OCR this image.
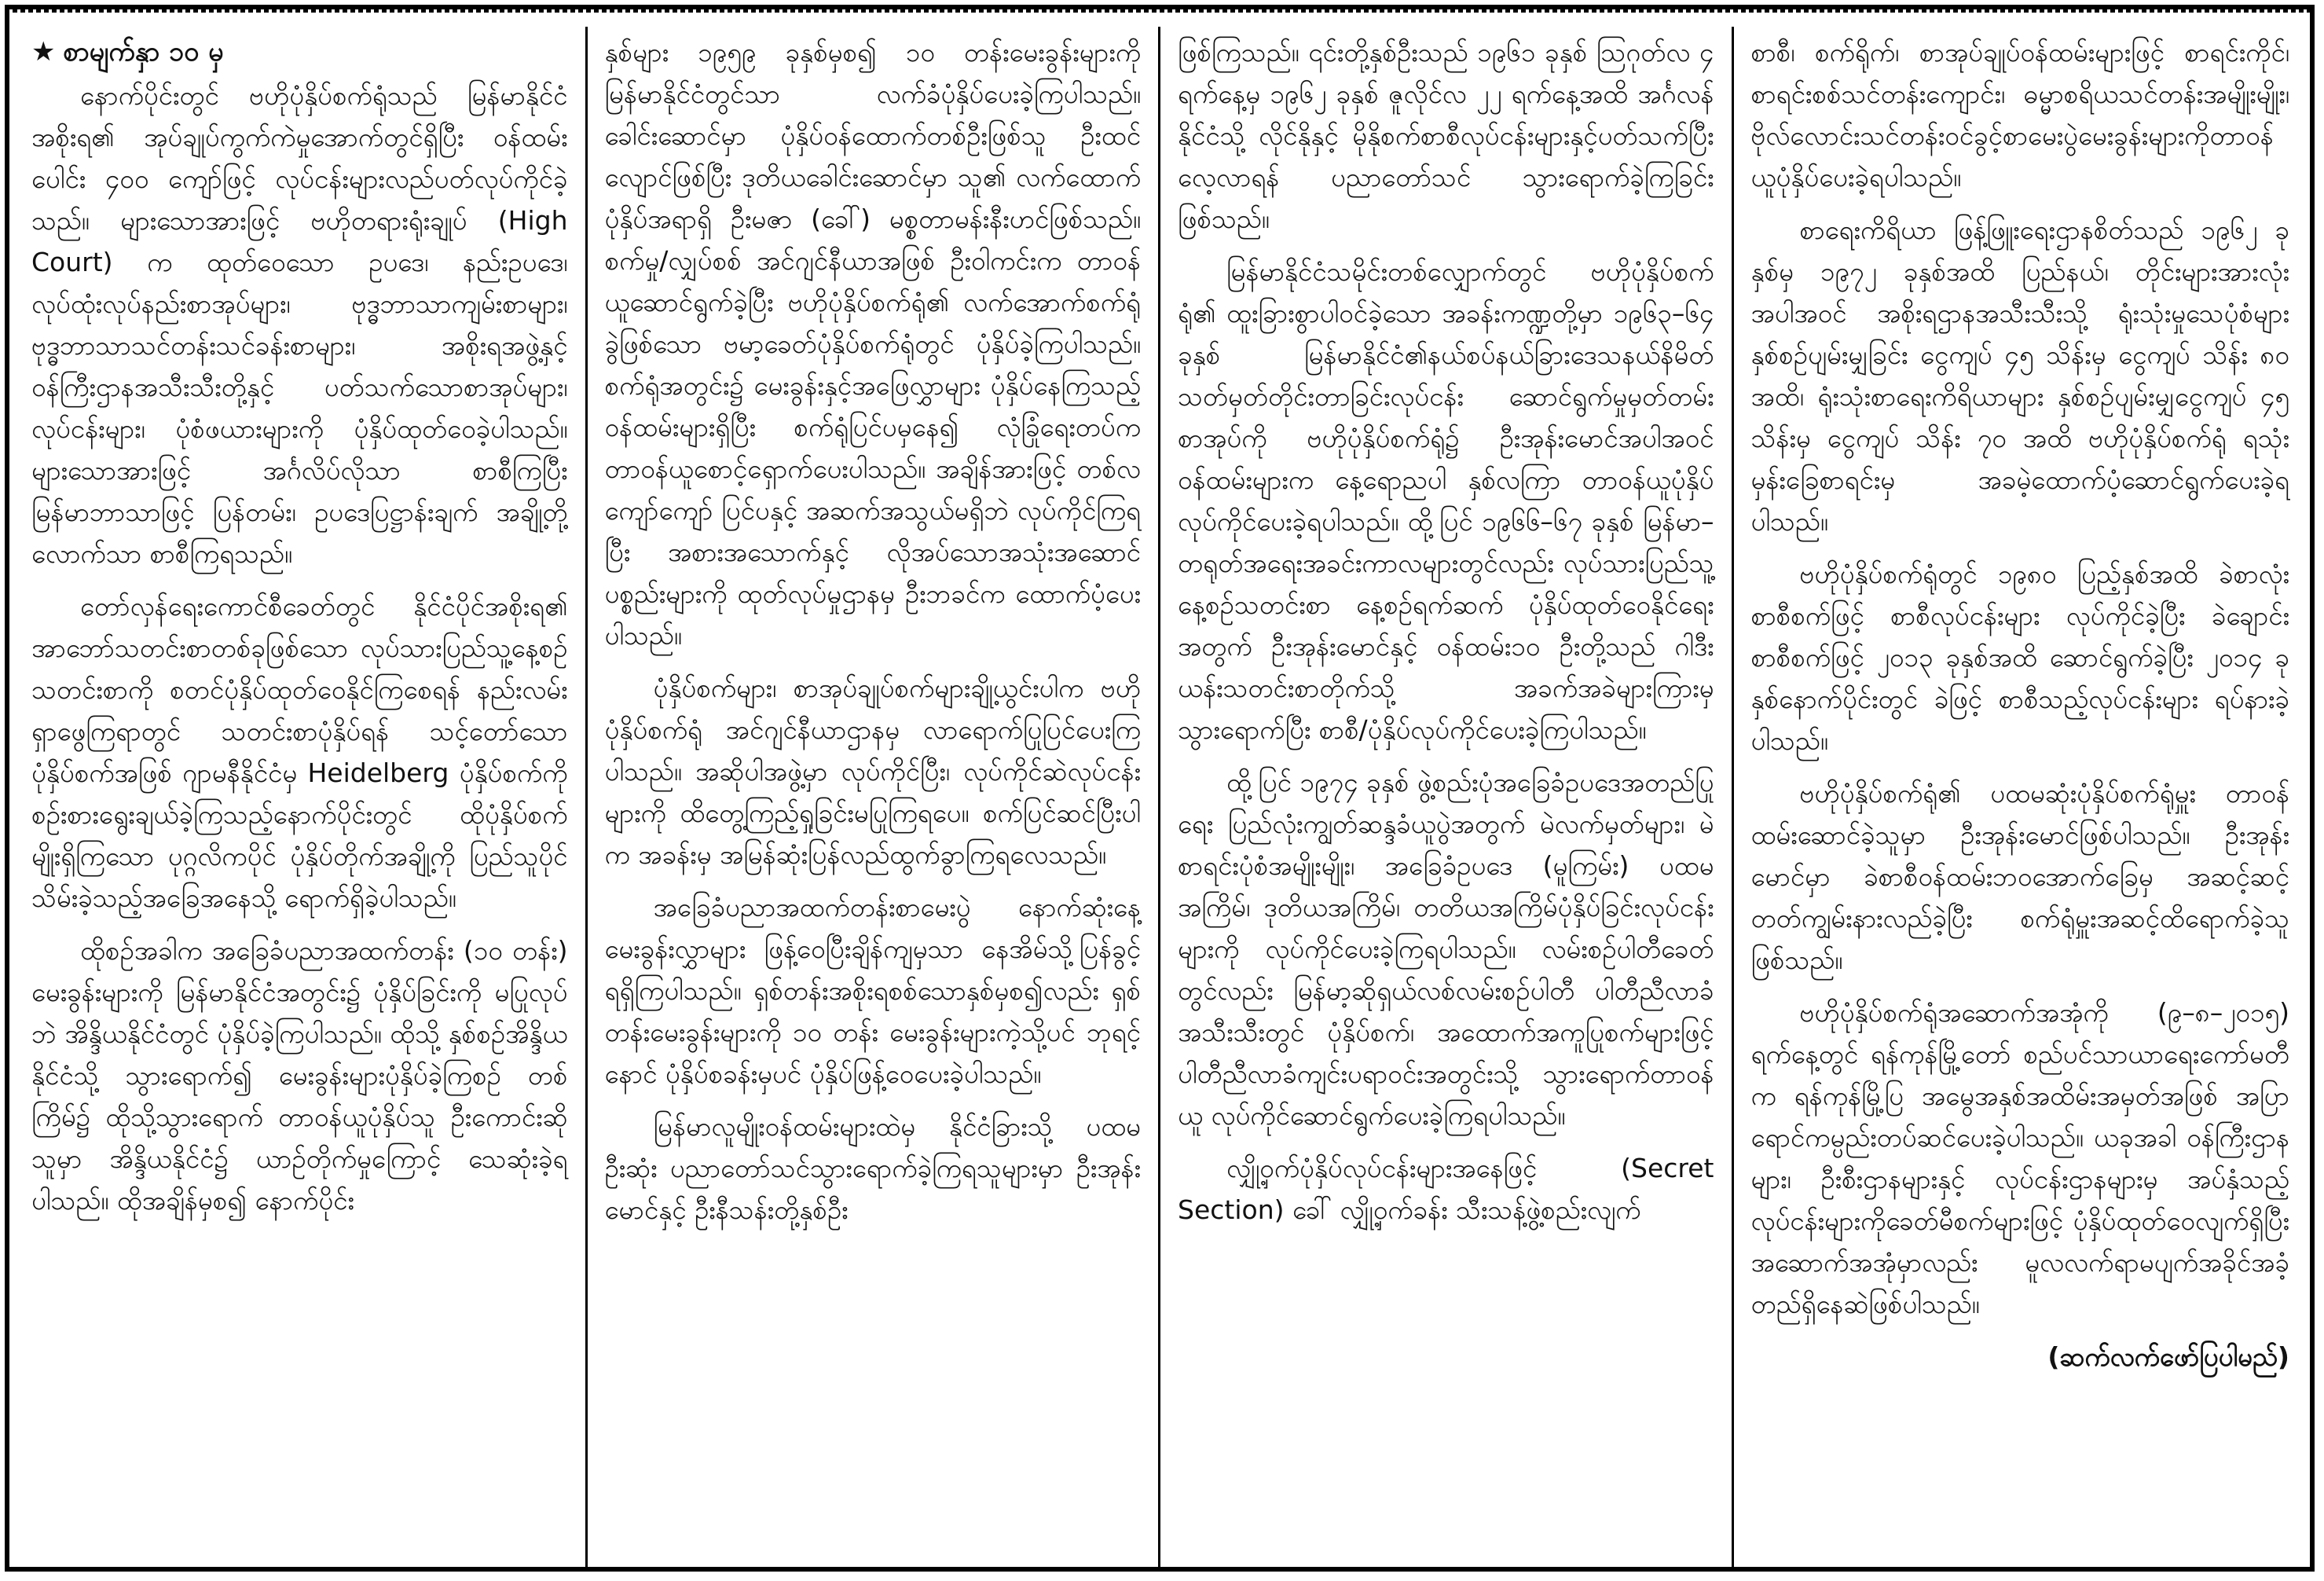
★ စာမျက်နှာ ၁၀ မှ

နောက်ပိုင်းတွင် ဗဟိုပုံနှိပ်စက်ရုံသည် မြန်မာနိုင်ငံအစိုးရ၏ အုပ်ချုပ်ကွက်ကဲမှုအောက်တွင်ရှိပြီး ဝန်ထမ်းပေါင်း ၄၀၀ ကျော်ဖြင့် လုပ်ငန်းများလည်ပတ်လုပ်ကိုင်ခဲ့သည်။ များသောအားဖြင့် ဗဟိုတရားရုံးချုပ် (High Court) က ထုတ်ဝေသော ဥပဒေ၊ နည်းဥပဒေ၊ လုပ်ထုံးလုပ်နည်းစာအုပ်များ၊ ဗုဒ္ဓဘာသာကျမ်းစာများ၊ ဗုဒ္ဓဘာသာသင်တန်းသင်ခန်းစာများ၊ အစိုးရအဖွဲ့နှင့် ဝန်ကြီးဌာနအသီးသီးတို့နှင့် ပတ်သက်သောစာအုပ်များ၊ လုပ်ငန်းများ၊ ပုံစံဖယားများကို ပုံနှိပ်ထုတ်ဝေခဲ့ပါသည်။ များသောအားဖြင့် အင်္ဂလိပ်လိုသာ စာစီကြပြီး မြန်မာဘာသာဖြင့် ပြန်တမ်း၊ ဥပဒေပြဋ္ဌာန်းချက် အချို့တို့လောက်သာ စာစီကြရသည်။

တော်လှန်ရေးကောင်စီခေတ်တွင် နိုင်ငံပိုင်အစိုးရ၏ အာဘော်သတင်းစာတစ်ခုဖြစ်သော လုပ်သားပြည်သူ့နေ့စဉ်သတင်းစာကို စတင်ပုံနှိပ်ထုတ်ဝေနိုင်ကြစေရန် နည်းလမ်းရှာဖွေကြရာတွင် သတင်းစာပုံနှိပ်ရန် သင့်တော်သောပုံနှိပ်စက်အဖြစ် ဂျာမနီနိုင်ငံမှ Heidelberg ပုံနှိပ်စက်ကို စဉ်းစားရွေးချယ်ခဲ့ကြသည့်နောက်ပိုင်းတွင် ထိုပုံနှိပ်စက်မျိုးရှိကြသော ပုဂ္ဂလိကပိုင် ပုံနှိပ်တိုက်အချို့ကို ပြည်သူပိုင်သိမ်းခဲ့သည့်အခြေအနေသို့ ရောက်ရှိခဲ့ပါသည်။

ထိုစဉ်အခါက အခြေခံပညာအထက်တန်း (၁၀ တန်း) မေးခွန်းများကို မြန်မာနိုင်ငံအတွင်း၌ ပုံနှိပ်ခြင်းကို မပြုလုပ်ဘဲ အိန္ဒိယနိုင်ငံတွင် ပုံနှိပ်ခဲ့ကြပါသည်။ ထိုသို့ နှစ်စဉ်အိန္ဒိယနိုင်ငံသို့ သွားရောက်၍ မေးခွန်းများပုံနှိပ်ခဲ့ကြစဉ် တစ်ကြိမ်၌ ထိုသို့သွားရောက် တာဝန်ယူပုံနှိပ်သူ ဦးကောင်းဆိုသူမှာ အိန္ဒိယနိုင်ငံ၌ ယာဉ်တိုက်မှုကြောင့် သေဆုံးခဲ့ရပါသည်။ ထိုအချိန်မှစ၍ နောက်ပိုင်း

နှစ်များ ၁၉၅၉ ခုနှစ်မှစ၍ ၁၀ တန်းမေးခွန်းများကို မြန်မာနိုင်ငံတွင်သာ လက်ခံပုံနှိပ်ပေးခဲ့ကြပါသည်။ ခေါင်းဆောင်မှာ ပုံနှိပ်ဝန်ထောက်တစ်ဦးဖြစ်သူ ဦးထင်လျောင်ဖြစ်ပြီး ဒုတိယခေါင်းဆောင်မှာ သူ၏ လက်ထောက်ပုံနှိပ်အရာရှိ ဦးမဇာ (ခေါ်) မစ္စတာမန်းနီးဟင်ဖြစ်သည်။ စက်မှု/လျှပ်စစ် အင်ဂျင်နီယာအဖြစ် ဦးဝါကင်းက တာဝန်ယူဆောင်ရွက်ခဲ့ပြီး ဗဟိုပုံနှိပ်စက်ရုံ၏ လက်အောက်စက်ရုံခွဲဖြစ်သော ဗမာ့ခေတ်ပုံနှိပ်စက်ရုံတွင် ပုံနှိပ်ခဲ့ကြပါသည်။ စက်ရုံအတွင်း၌ မေးခွန်းနှင့်အဖြေလွှာများ ပုံနှိပ်နေကြသည့် ဝန်ထမ်းများရှိပြီး စက်ရုံပြင်ပမှနေ၍ လုံခြုံရေးတပ်က တာဝန်ယူစောင့်ရှောက်ပေးပါသည်။ အချိန်အားဖြင့် တစ်လကျော်ကျော် ပြင်ပနှင့် အဆက်အသွယ်မရှိဘဲ လုပ်ကိုင်ကြရပြီး အစားအသောက်နှင့် လိုအပ်သောအသုံးအဆောင်ပစ္စည်းများကို ထုတ်လုပ်မှုဌာနမှ ဦးဘခင်က ထောက်ပံ့ပေးပါသည်။

ပုံနှိပ်စက်များ၊ စာအုပ်ချုပ်စက်များချို့ယွင်းပါက ဗဟိုပုံနှိပ်စက်ရုံ အင်ဂျင်နီယာဌာနမှ လာရောက်ပြုပြင်ပေးကြပါသည်။ အဆိုပါအဖွဲ့မှာ လုပ်ကိုင်ပြီး၊ လုပ်ကိုင်ဆဲလုပ်ငန်းများကို ထိတွေ့ကြည့်ရှုခြင်းမပြုကြရပေ။ စက်ပြင်ဆင်ပြီးပါက အခန်းမှ အမြန်ဆုံးပြန်လည်ထွက်ခွာကြရလေသည်။

အခြေခံပညာအထက်တန်းစာမေးပွဲ နောက်ဆုံးနေ့ မေးခွန်းလွှာများ ဖြန့်ဝေပြီးချိန်ကျမှသာ နေအိမ်သို့ပြန်ခွင့်ရရှိကြပါသည်။ ရှစ်တန်းအစိုးရစစ်သောနှစ်မှစ၍လည်း ရှစ်တန်းမေးခွန်းများကို ၁၀ တန်း မေးခွန်းများကဲ့သို့ပင် ဘုရင့်နောင် ပုံနှိပ်စခန်းမှပင် ပုံနှိပ်ဖြန့်ဝေပေးခဲ့ပါသည်။

မြန်မာလူမျိုးဝန်ထမ်းများထဲမှ နိုင်ငံခြားသို့ ပထမဦးဆုံး ပညာတော်သင်သွားရောက်ခဲ့ကြရသူများမှာ ဦးအုန်းမောင်နှင့် ဦးနီသန်းတို့နှစ်ဦး

ဖြစ်ကြသည်။ ၎င်းတို့နှစ်ဦးသည် ၁၉၆၁ ခုနှစ် ဩဂုတ်လ ၄ ရက်နေ့မှ ၁၉၆၂ ခုနှစ် ဇူလိုင်လ ၂၂ ရက်နေ့အထိ အင်္ဂလန်နိုင်ငံသို့ လိုင်နိုနှင့် မိုနိုစက်စာစီလုပ်ငန်းများနှင့်ပတ်သက်ပြီး လေ့လာရန် ပညာတော်သင် သွားရောက်ခဲ့ကြခြင်းဖြစ်သည်။

မြန်မာနိုင်ငံသမိုင်းတစ်လျှောက်တွင် ဗဟိုပုံနှိပ်စက်ရုံ၏ ထူးခြားစွာပါဝင်ခဲ့သော အခန်းကဏ္ဍတို့မှာ ၁၉၆၃–၆၄ ခုနှစ် မြန်မာနိုင်ငံ၏နယ်စပ်နယ်ခြားဒေသနယ်နိမိတ် သတ်မှတ်တိုင်းတာခြင်းလုပ်ငန်း ဆောင်ရွက်မှုမှတ်တမ်းစာအုပ်ကို ဗဟိုပုံနှိပ်စက်ရုံ၌ ဦးအုန်းမောင်အပါအဝင် ဝန်ထမ်းများက နေ့ရောညပါ နှစ်လကြာ တာဝန်ယူပုံနှိပ်လုပ်ကိုင်ပေးခဲ့ရပါသည်။ ထို့ပြင် ၁၉၆၆–၆၇ ခုနှစ် မြန်မာ– တရုတ်အရေးအခင်းကာလများတွင်လည်း လုပ်သားပြည်သူ့နေ့စဉ်သတင်းစာ နေ့စဉ်ရက်ဆက် ပုံနှိပ်ထုတ်ဝေနိုင်ရေးအတွက် ဦးအုန်းမောင်နှင့် ဝန်ထမ်း၁၀ ဦးတို့သည် ဂါဒီးယန်းသတင်းစာတိုက်သို့ အခက်အခဲများကြားမှ သွားရောက်ပြီး စာစီ/ပုံနှိပ်လုပ်ကိုင်ပေးခဲ့ကြပါသည်။

ထို့ပြင် ၁၉၇၄ ခုနှစ် ဖွဲ့စည်းပုံအခြေခံဥပဒေအတည်ပြုရေး ပြည်လုံးကျွတ်ဆန္ဒခံယူပွဲအတွက် မဲလက်မှတ်များ၊ မဲစာရင်းပုံစံအမျိုးမျိုး၊ အခြေခံဥပဒေ (မူကြမ်း) ပထမအကြိမ်၊ ဒုတိယအကြိမ်၊ တတိယအကြိမ်ပုံနှိပ်ခြင်းလုပ်ငန်းများကို လုပ်ကိုင်ပေးခဲ့ကြရပါသည်။ လမ်းစဉ်ပါတီခေတ်တွင်လည်း မြန်မာ့ဆိုရှယ်လစ်လမ်းစဉ်ပါတီ ပါတီညီလာခံအသီးသီးတွင် ပုံနှိပ်စက်၊ အထောက်အကူပြုစက်များဖြင့် ပါတီညီလာခံကျင်းပရာဝင်းအတွင်းသို့ သွားရောက်တာဝန်ယူ လုပ်ကိုင်ဆောင်ရွက်ပေးခဲ့ကြရပါသည်။

လျှို့ဝှက်ပုံနှိပ်လုပ်ငန်းများအနေဖြင့် (Secret Section) ခေါ် လျှို့ဝှက်ခန်း သီးသန့်ဖွဲ့စည်းလျက်

စာစီ၊ စက်ရိုက်၊ စာအုပ်ချုပ်ဝန်ထမ်းများဖြင့် စာရင်းကိုင်၊ စာရင်းစစ်သင်တန်းကျောင်း၊ ဓမ္မာစရိယသင်တန်းအမျိုးမျိုး၊ ဗိုလ်လောင်းသင်တန်းဝင်ခွင့်စာမေးပွဲမေးခွန်းများကိုတာဝန်ယူပုံနှိပ်ပေးခဲ့ရပါသည်။

စာရေးကိရိယာ ဖြန့်ဖြူးရေးဌာနစိတ်သည် ၁၉၆၂ ခုနှစ်မှ ၁၉၇၂ ခုနှစ်အထိ ပြည်နယ်၊ တိုင်းများအားလုံးအပါအဝင် အစိုးရဌာနအသီးသီးသို့ ရုံးသုံးမှုသေပုံစံများ နှစ်စဉ်ပျမ်းမျှခြင်း ငွေကျပ် ၄၅ သိန်းမှ ငွေကျပ် သိန်း ၈၀ အထိ၊ ရုံးသုံးစာရေးကိရိယာများ နှစ်စဉ်ပျမ်းမျှငွေကျပ် ၄၅ သိန်းမှ ငွေကျပ် သိန်း ၇၀ အထိ ဗဟိုပုံနှိပ်စက်ရုံ ရသုံးမှန်းခြေစာရင်းမှ အခမဲ့ထောက်ပံ့ဆောင်ရွက်ပေးခဲ့ရပါသည်။

ဗဟိုပုံနှိပ်စက်ရုံတွင် ၁၉၈၀ ပြည့်နှစ်အထိ ခဲစာလုံး စာစီစက်ဖြင့် စာစီလုပ်ငန်းများ လုပ်ကိုင်ခဲ့ပြီး ခဲချောင်းစာစီစက်ဖြင့် ၂၀၁၃ ခုနှစ်အထိ ဆောင်ရွက်ခဲ့ပြီး ၂၀၁၄ ခုနှစ်နောက်ပိုင်းတွင် ခဲဖြင့် စာစီသည့်လုပ်ငန်းများ ရပ်နားခဲ့ပါသည်။

ဗဟိုပုံနှိပ်စက်ရုံ၏ ပထမဆုံးပုံနှိပ်စက်ရုံမှူး တာဝန်ထမ်းဆောင်ခဲ့သူမှာ ဦးအုန်းမောင်ဖြစ်ပါသည်။ ဦးအုန်းမောင်မှာ ခဲစာစီဝန်ထမ်းဘဝအောက်ခြေမှ အဆင့်ဆင့်တတ်ကျွမ်းနားလည်ခဲ့ပြီး စက်ရုံမှူးအဆင့်ထိရောက်ခဲ့သူဖြစ်သည်။

ဗဟိုပုံနှိပ်စက်ရုံအဆောက်အအုံကို (၉–၈–၂၀၁၅) ရက်နေ့တွင် ရန်ကုန်မြို့တော် စည်ပင်သာယာရေးကော်မတီက ရန်ကုန်မြို့ပြ အမွေအနှစ်အထိမ်းအမှတ်အဖြစ် အပြာရောင်ကမ္ပည်းတပ်ဆင်ပေးခဲ့ပါသည်။ ယခုအခါ ဝန်ကြီးဌာနများ၊ ဦးစီးဌာနများနှင့် လုပ်ငန်းဌာနများမှ အပ်နှံသည့်လုပ်ငန်းများကိုခေတ်မီစက်များဖြင့် ပုံနှိပ်ထုတ်ဝေလျက်ရှိပြီး အဆောက်အအုံမှာလည်း မူလလက်ရာမပျက်အခိုင်အခံ့တည်ရှိနေဆဲဖြစ်ပါသည်။

(ဆက်လက်ဖော်ပြပါမည်)
